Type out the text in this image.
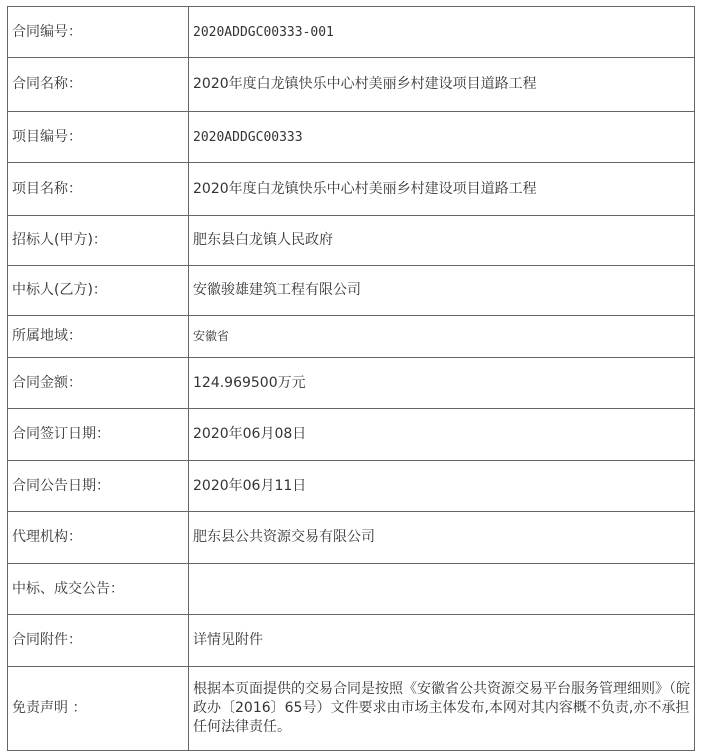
合同编号：	2020ADDGC00333-001
合同名称：	2020年度白龙镇快乐中心村美丽乡村建设项目道路工程
项目编号：	2020ADDGC00333
项目名称：	2020年度白龙镇快乐中心村美丽乡村建设项目道路工程
招标人(甲方)：	肥东县白龙镇人民政府
中标人(乙方)：	安徽骏雄建筑工程有限公司
所属地域：	安徽省
合同金额：	124.969500万元
合同签订日期：	2020年06月08日
合同公告日期：	2020年06月11日
代理机构：	肥东县公共资源交易有限公司
中标、成交公告：	
合同附件：	详情见附件
免责声明 ：	根据本页面提供的交易合同是按照《安徽省公共资源交易平台服务管理细则》（皖政办〔2016〕65号）文件要求由市场主体发布,本网对其内容概不负责,亦不承担任何法律责任。
